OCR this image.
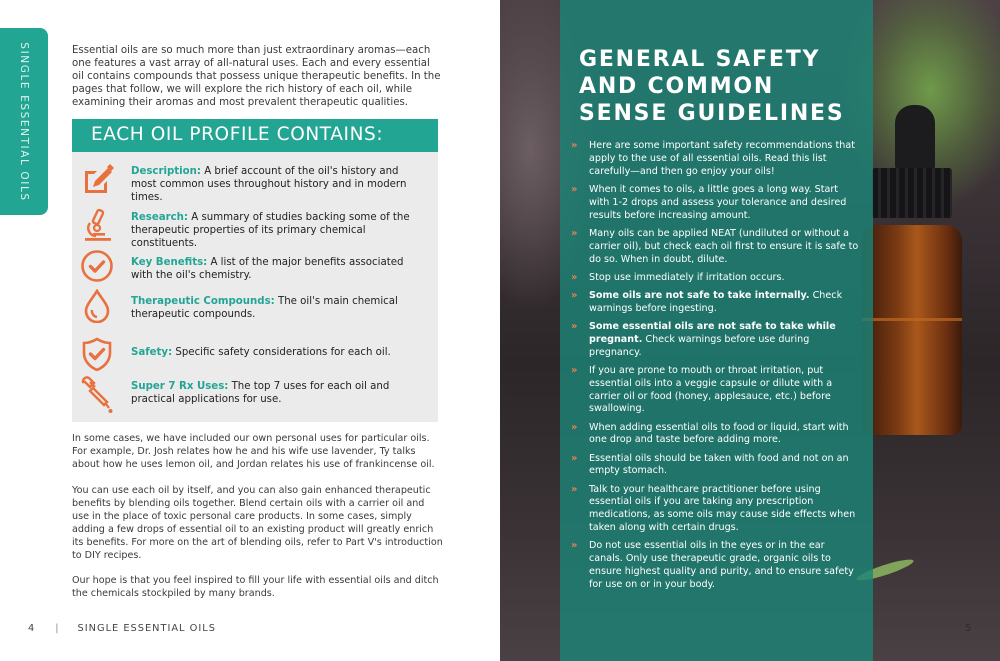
SINGLE ESSENTIAL OILS	Essential oils are so much more than just extraordinary aromas—each one features a vast array of all-natural uses. Each and every essential oil contains compounds that possess unique therapeutic benefits. In the pages that follow, we will explore the rich history of each oil, while examining their aromas and most prevalent therapeutic qualities.

EACH OIL PROFILE CONTAINS:
Description: A brief account of the oil's history and most common uses throughout history and in modern times.
Research: A summary of studies backing some of the therapeutic properties of its primary chemical constituents.
Key Benefits: A list of the major benefits associated with the oil's chemistry.
Therapeutic Compounds: The oil's main chemical therapeutic compounds.
Safety: Specific safety considerations for each oil.
Super 7 Rx Uses: The top 7 uses for each oil and practical applications for use.

In some cases, we have included our own personal uses for particular oils. For example, Dr. Josh relates how he and his wife use lavender, Ty talks about how he uses lemon oil, and Jordan relates his use of frankincense oil.

You can use each oil by itself, and you can also gain enhanced therapeutic benefits by blending oils together. Blend certain oils with a carrier oil and use in the place of toxic personal care products. In some cases, simply adding a few drops of essential oil to an existing product will greatly enrich its benefits. For more on the art of blending oils, refer to Part V's introduction to DIY recipes.

Our hope is that you feel inspired to fill your life with essential oils and ditch the chemicals stockpiled by many brands.

4 | SINGLE ESSENTIAL OILS
GENERAL SAFETY AND COMMON SENSE GUIDELINES
» Here are some important safety recommendations that apply to the use of all essential oils. Read this list carefully—and then go enjoy your oils!
» When it comes to oils, a little goes a long way. Start with 1-2 drops and assess your tolerance and desired results before increasing amount.
» Many oils can be applied NEAT (undiluted or without a carrier oil), but check each oil first to ensure it is safe to do so. When in doubt, dilute.
» Stop use immediately if irritation occurs.
» Some oils are not safe to take internally. Check warnings before ingesting.
» Some essential oils are not safe to take while pregnant. Check warnings before use during pregnancy.
» If you are prone to mouth or throat irritation, put essential oils into a veggie capsule or dilute with a carrier oil or food (honey, applesauce, etc.) before swallowing.
» When adding essential oils to food or liquid, start with one drop and taste before adding more.
» Essential oils should be taken with food and not on an empty stomach.
» Talk to your healthcare practitioner before using essential oils if you are taking any prescription medications, as some oils may cause side effects when taken along with certain drugs.
» Do not use essential oils in the eyes or in the ear canals. Only use therapeutic grade, organic oils to ensure highest quality and purity, and to ensure safety for use on or in your body.
5
